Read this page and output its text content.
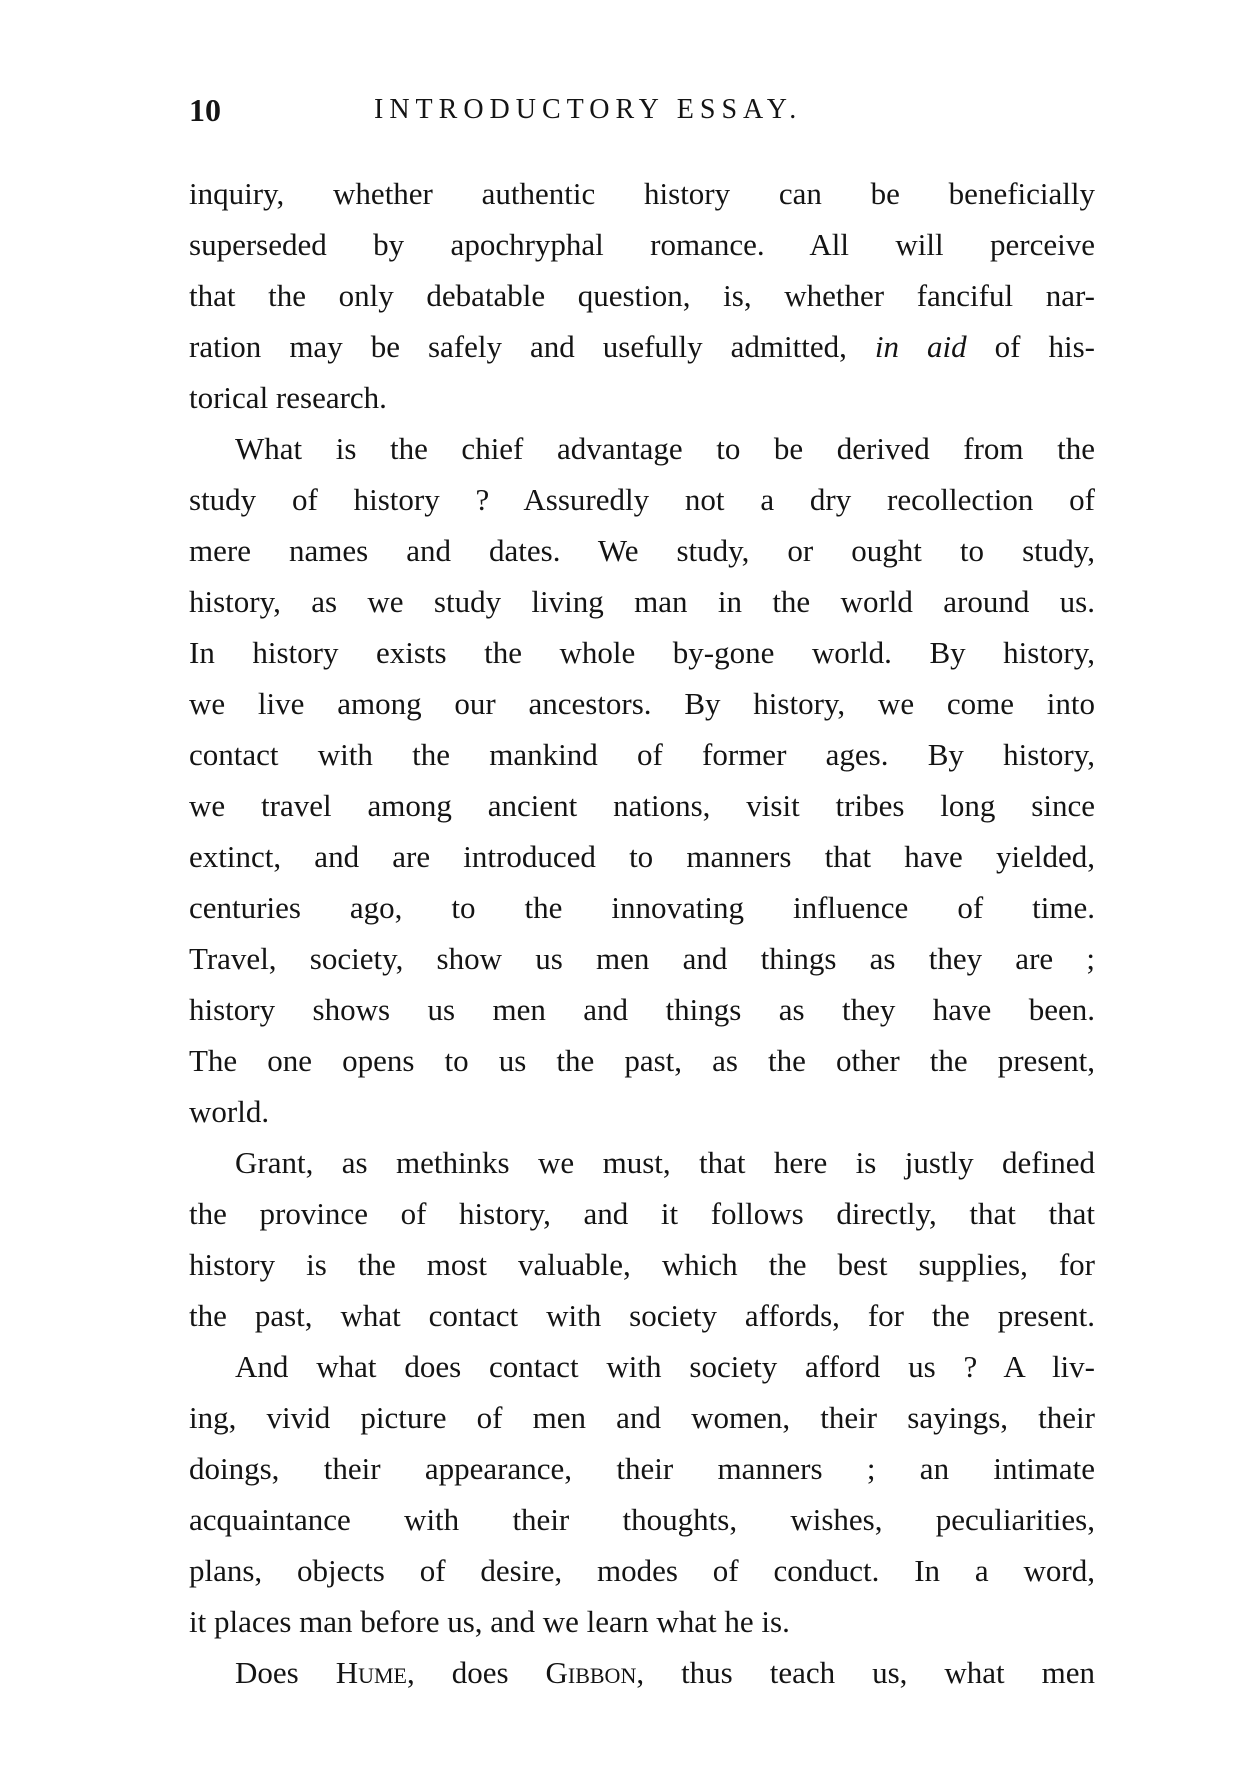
10	INTRODUCTORY ESSAY.
inquiry, whether authentic history can be beneficially
superseded by apochryphal romance. All will perceive
that the only debatable question, is, whether fanciful nar-
ration may be safely and usefully admitted, in aid of his-
torical research.
What is the chief advantage to be derived from the
study of history ? Assuredly not a dry recollection of
mere names and dates. We study, or ought to study,
history, as we study living man in the world around us.
In history exists the whole by-gone world. By history,
we live among our ancestors. By history, we come into
contact with the mankind of former ages. By history,
we travel among ancient nations, visit tribes long since
extinct, and are introduced to manners that have yielded,
centuries ago, to the innovating influence of time.
Travel, society, show us men and things as they are ;
history shows us men and things as they have been.
The one opens to us the past, as the other the present,
world.
Grant, as methinks we must, that here is justly defined
the province of history, and it follows directly, that that
history is the most valuable, which the best supplies, for
the past, what contact with society affords, for the present.
And what does contact with society afford us ? A liv-
ing, vivid picture of men and women, their sayings, their
doings, their appearance, their manners ; an intimate
acquaintance with their thoughts, wishes, peculiarities,
plans, objects of desire, modes of conduct. In a word,
it places man before us, and we learn what he is.
Does Hume, does Gibbon, thus teach us, what men
